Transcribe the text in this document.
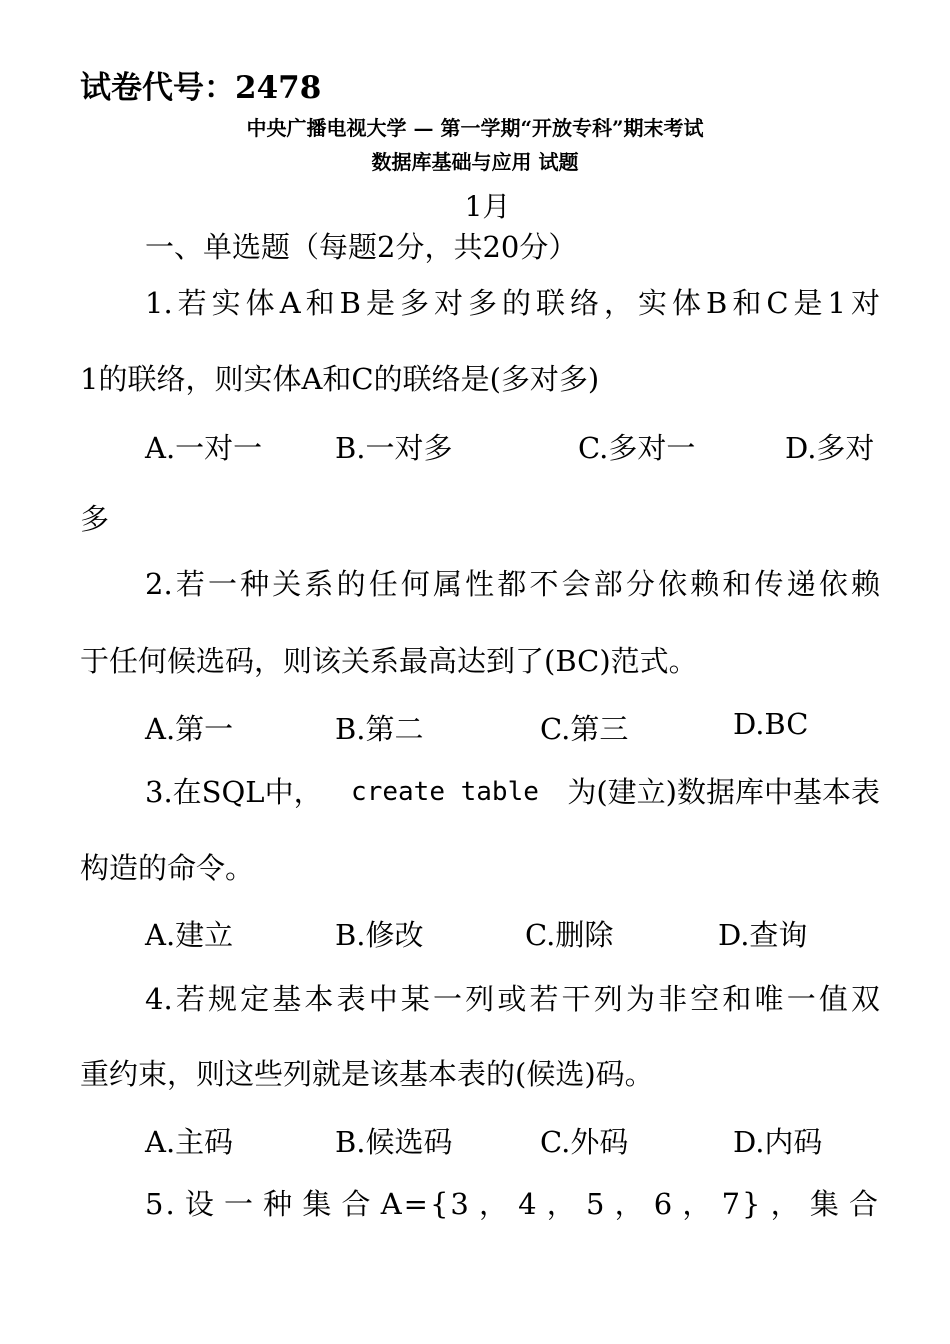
试卷代号：2478
中央广播电视大学 — 第一学期“开放专科”期末考试
数据库基础与应用 试题
1月
一、单选题（每题2分，共20分）
1.若实体A和B是多对多的联络，实体B和C是1对
1的联络，则实体A和C的联络是(多对多)
A.一对一	B.一对多	C.多对一	D.多对
多
2.若一种关系的任何属性都不会部分依赖和传递依赖
于任何候选码，则该关系最高达到了(BC)范式。
A.第一	B.第二	C.第三	D.BC
3.在SQL中， create table 为(建立)数据库中基本表
构造的命令。
A.建立	B.修改	C.删除	D.查询
4.若规定基本表中某一列或若干列为非空和唯一值双
重约束，则这些列就是该基本表的(候选)码。
A.主码	B.候选码	C.外码	D.内码
5.设一种集合A={3，4，5，6，7}，集合
